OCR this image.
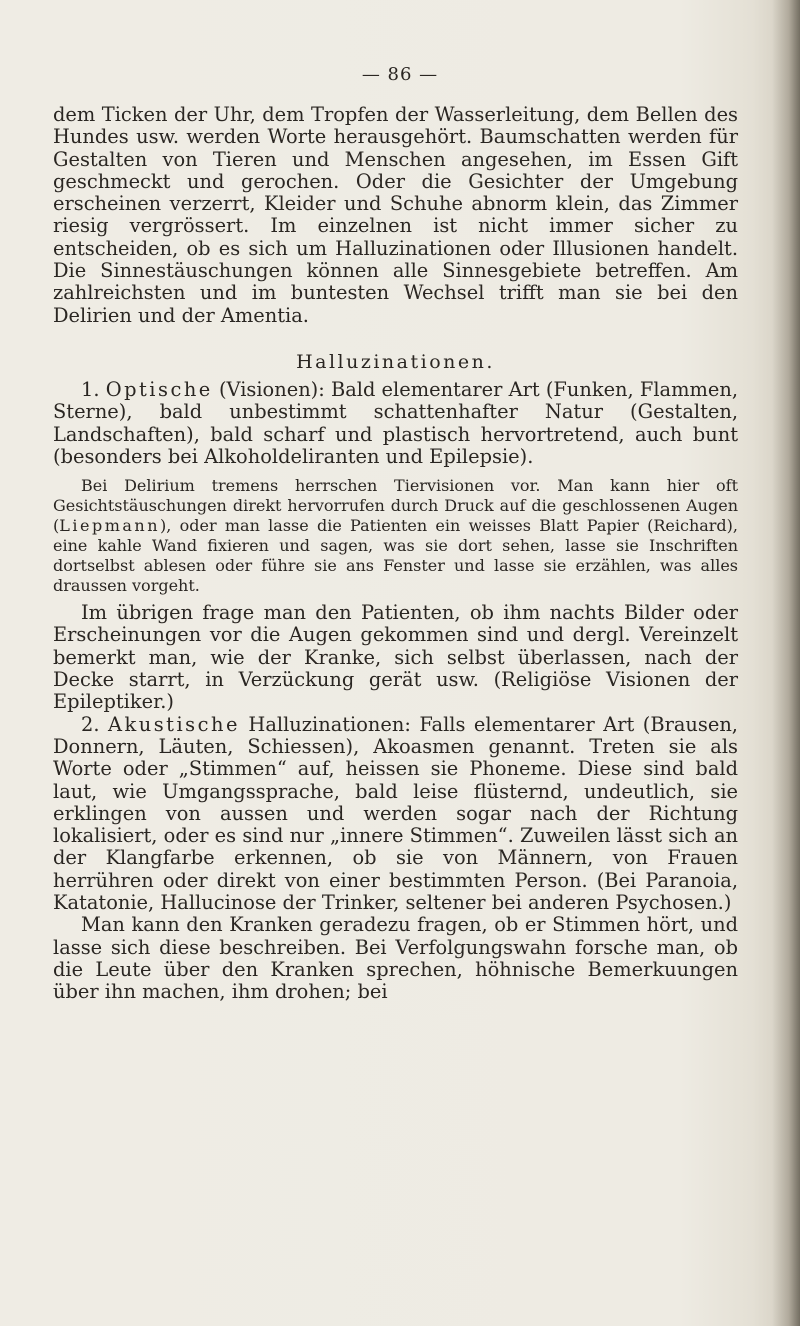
— 86 —

dem Ticken der Uhr, dem Tropfen der Wasserleitung, dem Bellen des Hundes usw. werden Worte herausgehört. Baumschatten werden für Gestalten von Tieren und Menschen angesehen, im Essen Gift geschmeckt und gerochen. Oder die Gesichter der Umgebung erscheinen verzerrt, Kleider und Schuhe abnorm klein, das Zimmer riesig vergrössert. Im einzelnen ist nicht immer sicher zu entscheiden, ob es sich um Halluzinationen oder Illusionen handelt. Die Sinnestäuschungen können alle Sinnesgebiete betreffen. Am zahlreichsten und im buntesten Wechsel trifft man sie bei den Delirien und der Amentia.

Halluzinationen.

1. Optische (Visionen): Bald elementarer Art (Funken, Flammen, Sterne), bald unbestimmt schattenhafter Natur (Gestalten, Landschaften), bald scharf und plastisch hervortretend, auch bunt (besonders bei Alkoholdeliranten und Epilepsie).

Bei Delirium tremens herrschen Tiervisionen vor. Man kann hier oft Gesichtstäuschungen direkt hervorrufen durch Druck auf die geschlossenen Augen (Liepmann), oder man lasse die Patienten ein weisses Blatt Papier (Reichard), eine kahle Wand fixieren und sagen, was sie dort sehen, lasse sie Inschriften dortselbst ablesen oder führe sie ans Fenster und lasse sie erzählen, was alles draussen vorgeht.

Im übrigen frage man den Patienten, ob ihm nachts Bilder oder Erscheinungen vor die Augen gekommen sind und dergl. Vereinzelt bemerkt man, wie der Kranke, sich selbst überlassen, nach der Decke starrt, in Verzückung gerät usw. (Religiöse Visionen der Epileptiker.)

2. Akustische Halluzinationen: Falls elementarer Art (Brausen, Donnern, Läuten, Schiessen), Akoasmen genannt. Treten sie als Worte oder „Stimmen“ auf, heissen sie Phoneme. Diese sind bald laut, wie Umgangssprache, bald leise flüsternd, undeutlich, sie erklingen von aussen und werden sogar nach der Richtung lokalisiert, oder es sind nur „innere Stimmen“. Zuweilen lässt sich an der Klangfarbe erkennen, ob sie von Männern, von Frauen herrühren oder direkt von einer bestimmten Person. (Bei Paranoia, Katatonie, Hallucinose der Trinker, seltener bei anderen Psychosen.)

Man kann den Kranken geradezu fragen, ob er Stimmen hört, und lasse sich diese beschreiben. Bei Verfolgungswahn forsche man, ob die Leute über den Kranken sprechen, höhnische Bemerkuungen über ihn machen, ihm drohen; bei
